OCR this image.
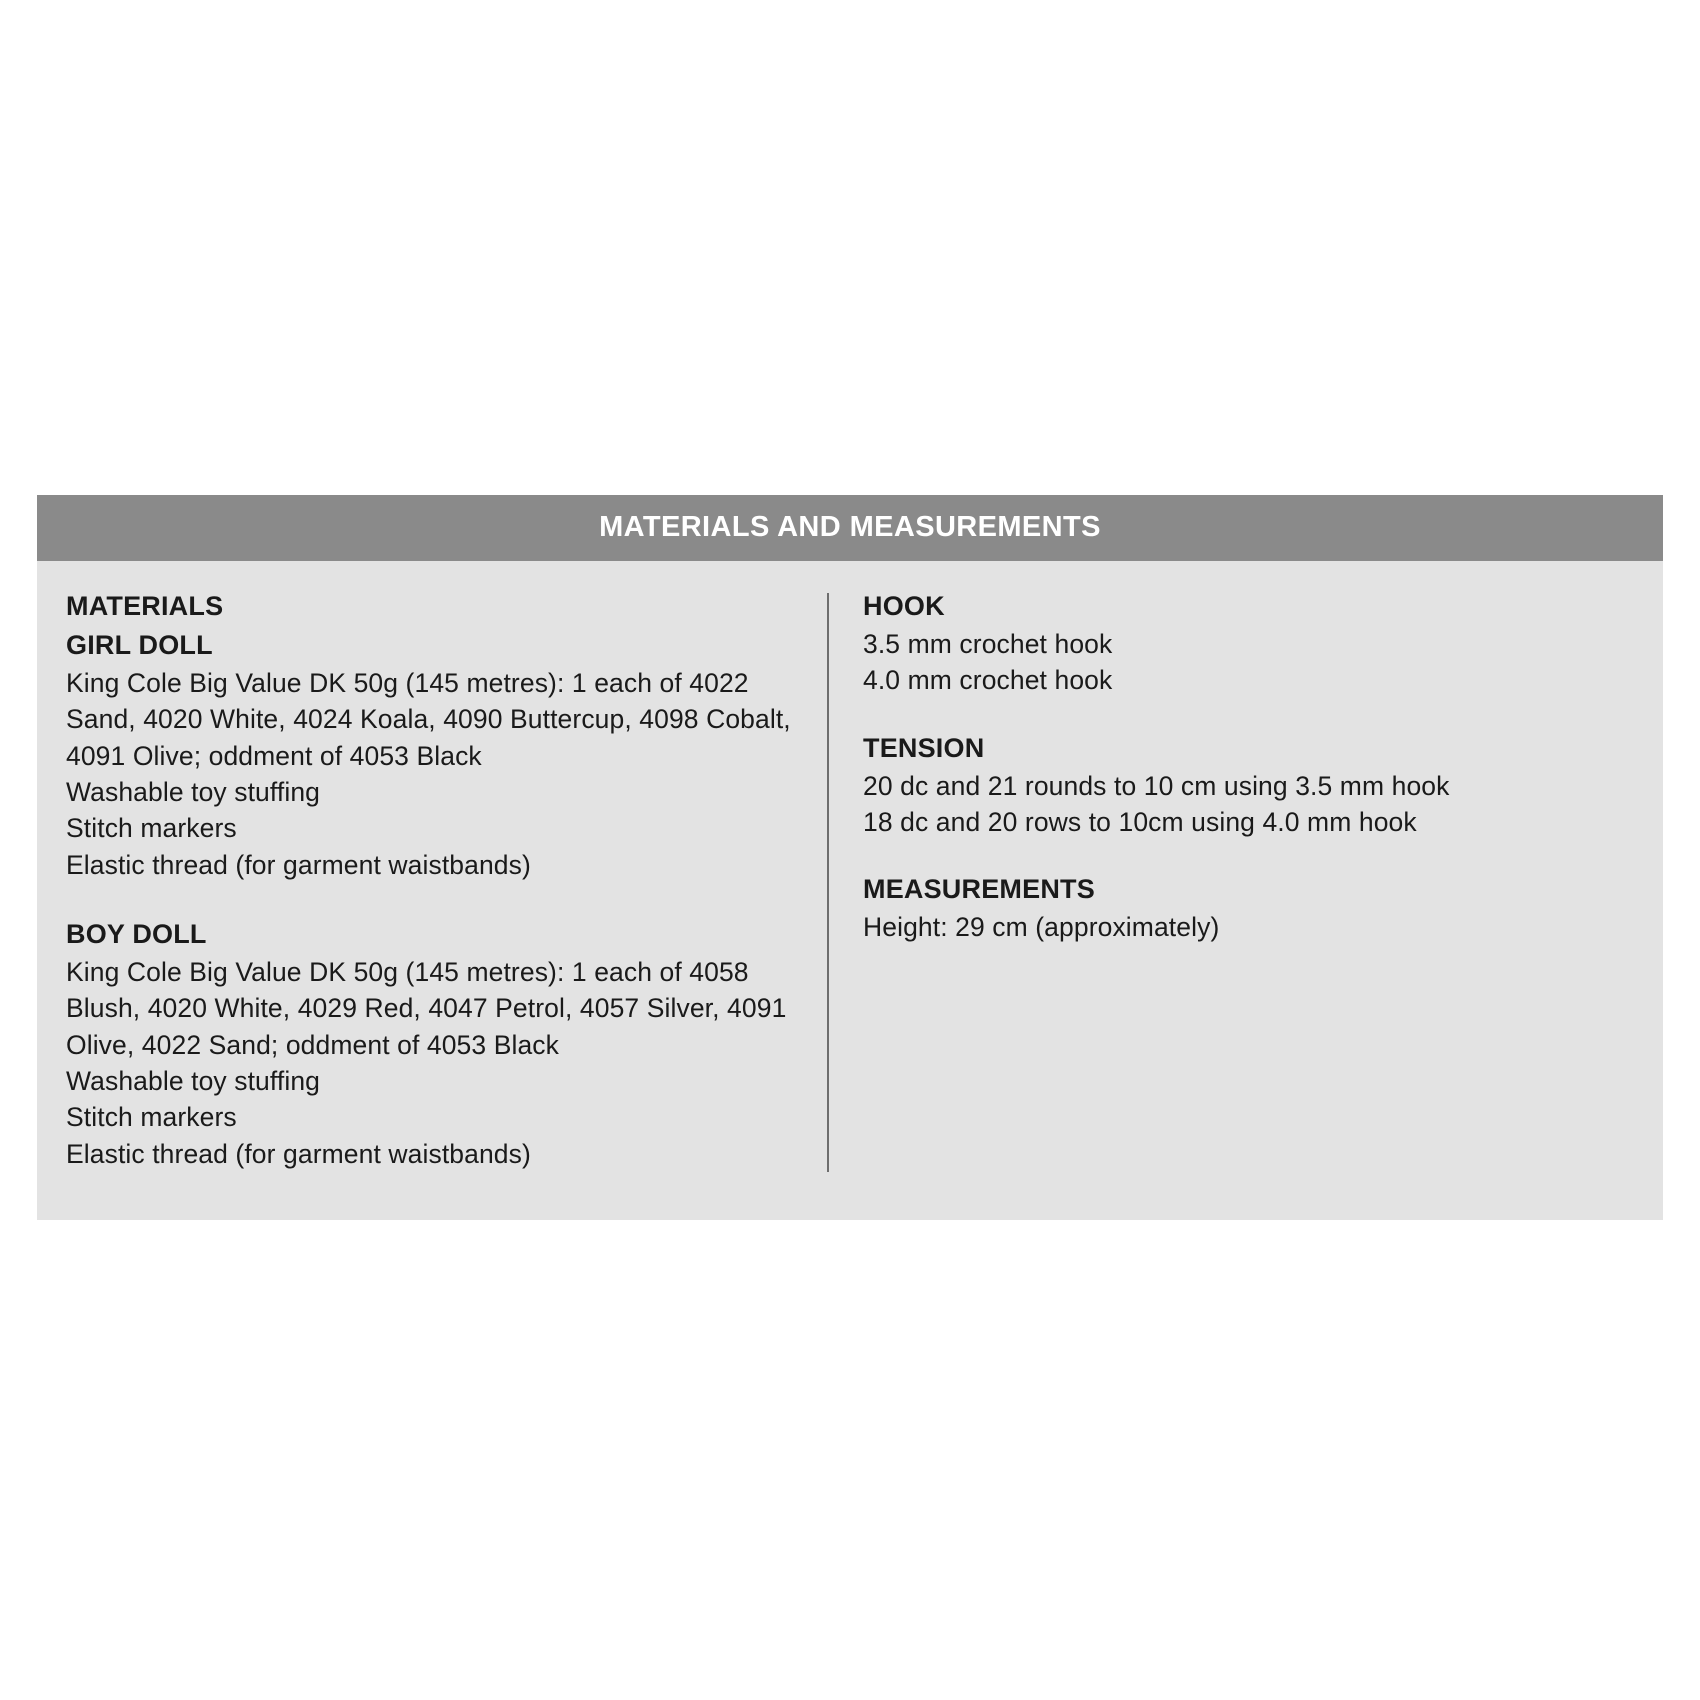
MATERIALS AND MEASUREMENTS
MATERIALS
GIRL DOLL

King Cole Big Value DK 50g (145 metres): 1 each of 4022 Sand, 4020 White, 4024 Koala, 4090 Buttercup, 4098 Cobalt, 4091 Olive; oddment of 4053 Black

Washable toy stuffing

Stitch markers

Elastic thread (for garment waistbands)

BOY DOLL

King Cole Big Value DK 50g (145 metres): 1 each of 4058 Blush, 4020 White, 4029 Red, 4047 Petrol, 4057 Silver, 4091 Olive, 4022 Sand; oddment of 4053 Black

Washable toy stuffing

Stitch markers

Elastic thread (for garment waistbands)

HOOK

3.5 mm crochet hook

4.0 mm crochet hook

TENSION

20 dc and 21 rounds to 10 cm using 3.5 mm hook

18 dc and 20 rows to 10cm using 4.0 mm hook

MEASUREMENTS

Height: 29 cm (approximately)
